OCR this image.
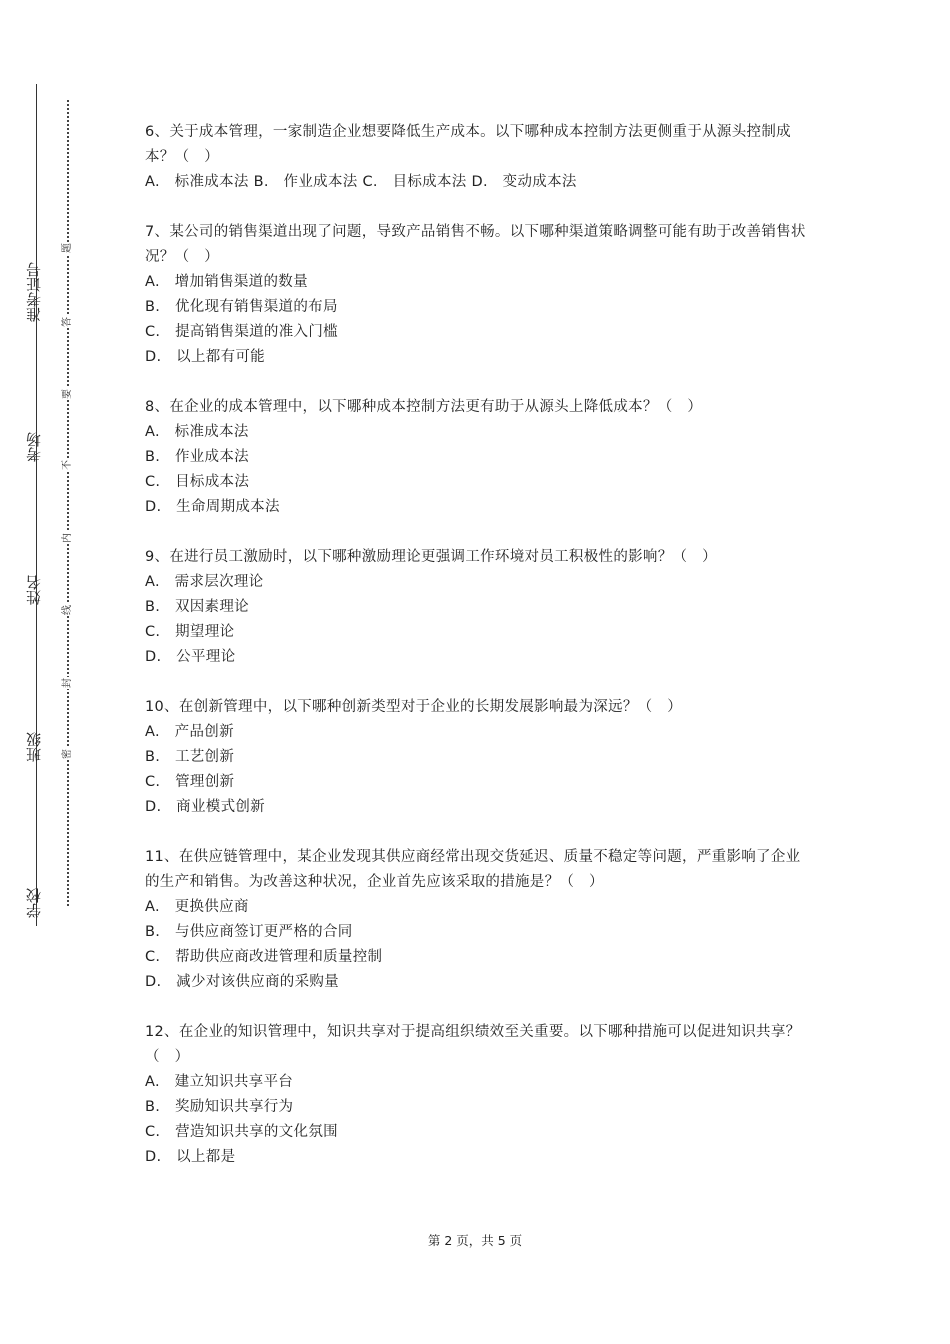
准考证号
考场
姓名
班级
学校
题
答
要
不
内
线
封
密
6、关于成本管理，一家制造企业想要降低生产成本。以下哪种成本控制方法更侧重于从源头控制成本？（　）
A.　标准成本法 B.　作业成本法 C.　目标成本法 D.　变动成本法
7、某公司的销售渠道出现了问题，导致产品销售不畅。以下哪种渠道策略调整可能有助于改善销售状况？（　）
A.　增加销售渠道的数量
B.　优化现有销售渠道的布局
C.　提高销售渠道的准入门槛
D.　以上都有可能
8、在企业的成本管理中，以下哪种成本控制方法更有助于从源头上降低成本？（　）
A.　标准成本法
B.　作业成本法
C.　目标成本法
D.　生命周期成本法
9、在进行员工激励时，以下哪种激励理论更强调工作环境对员工积极性的影响？（　）
A.　需求层次理论
B.　双因素理论
C.　期望理论
D.　公平理论
10、在创新管理中，以下哪种创新类型对于企业的长期发展影响最为深远？（　）
A.　产品创新
B.　工艺创新
C.　管理创新
D.　商业模式创新
11、在供应链管理中，某企业发现其供应商经常出现交货延迟、质量不稳定等问题，严重影响了企业的生产和销售。为改善这种状况，企业首先应该采取的措施是？（　）
A.　更换供应商
B.　与供应商签订更严格的合同
C.　帮助供应商改进管理和质量控制
D.　减少对该供应商的采购量
12、在企业的知识管理中，知识共享对于提高组织绩效至关重要。以下哪种措施可以促进知识共享？（　）
A.　建立知识共享平台
B.　奖励知识共享行为
C.　营造知识共享的文化氛围
D.　以上都是
第 2 页，共 5 页
